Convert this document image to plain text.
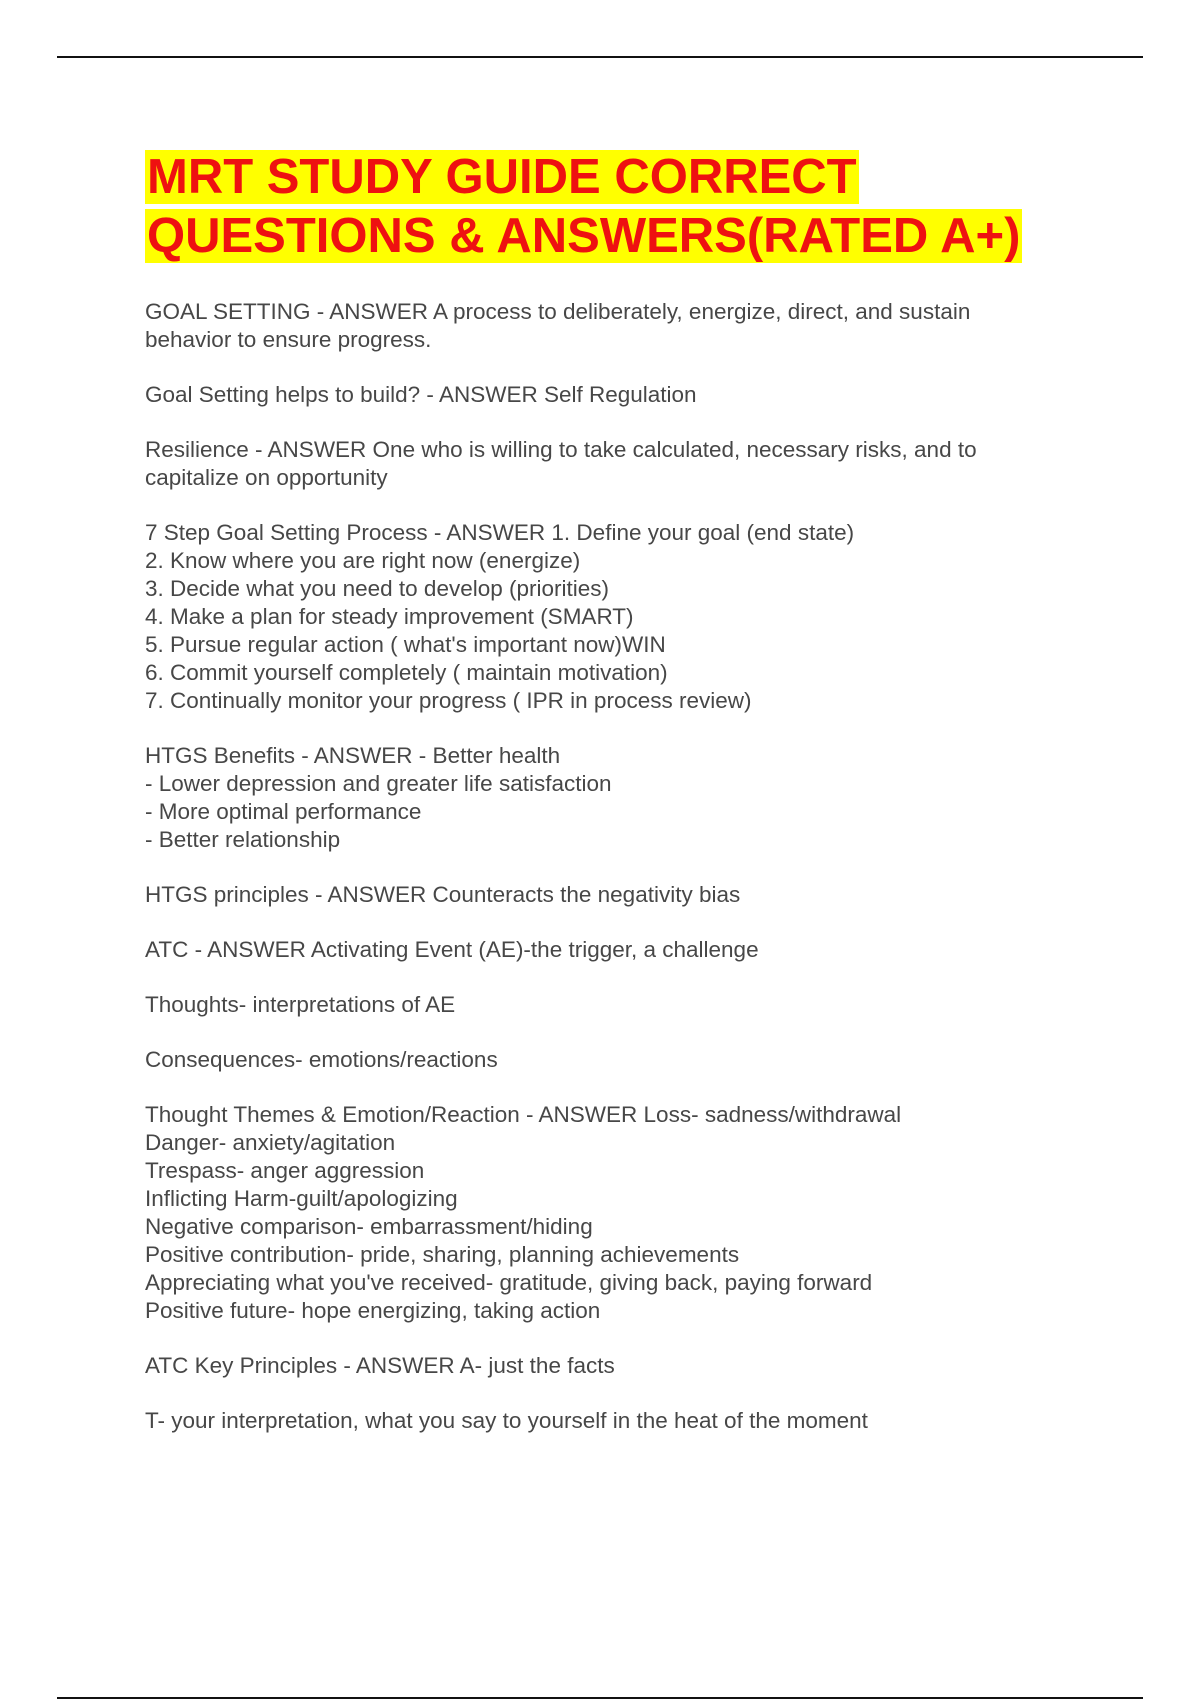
MRT STUDY GUIDE CORRECT
QUESTIONS & ANSWERS(RATED A+)

GOAL SETTING - ANSWER A process to deliberately, energize, direct, and sustain
behavior to ensure progress.

Goal Setting helps to build? - ANSWER Self Regulation

Resilience - ANSWER One who is willing to take calculated, necessary risks, and to
capitalize on opportunity

7 Step Goal Setting Process - ANSWER 1. Define your goal (end state)
2. Know where you are right now (energize)
3. Decide what you need to develop (priorities)
4. Make a plan for steady improvement (SMART)
5. Pursue regular action ( what's important now)WIN
6. Commit yourself completely ( maintain motivation)
7. Continually monitor your progress ( IPR in process review)

HTGS Benefits - ANSWER - Better health
- Lower depression and greater life satisfaction
- More optimal performance
- Better relationship

HTGS principles - ANSWER Counteracts the negativity bias

ATC - ANSWER Activating Event (AE)-the trigger, a challenge

Thoughts- interpretations of AE

Consequences- emotions/reactions

Thought Themes & Emotion/Reaction - ANSWER Loss- sadness/withdrawal
Danger- anxiety/agitation
Trespass- anger aggression
Inflicting Harm-guilt/apologizing
Negative comparison- embarrassment/hiding
Positive contribution- pride, sharing, planning achievements
Appreciating what you've received- gratitude, giving back, paying forward
Positive future- hope energizing, taking action

ATC Key Principles - ANSWER A- just the facts

T- your interpretation, what you say to yourself in the heat of the moment
